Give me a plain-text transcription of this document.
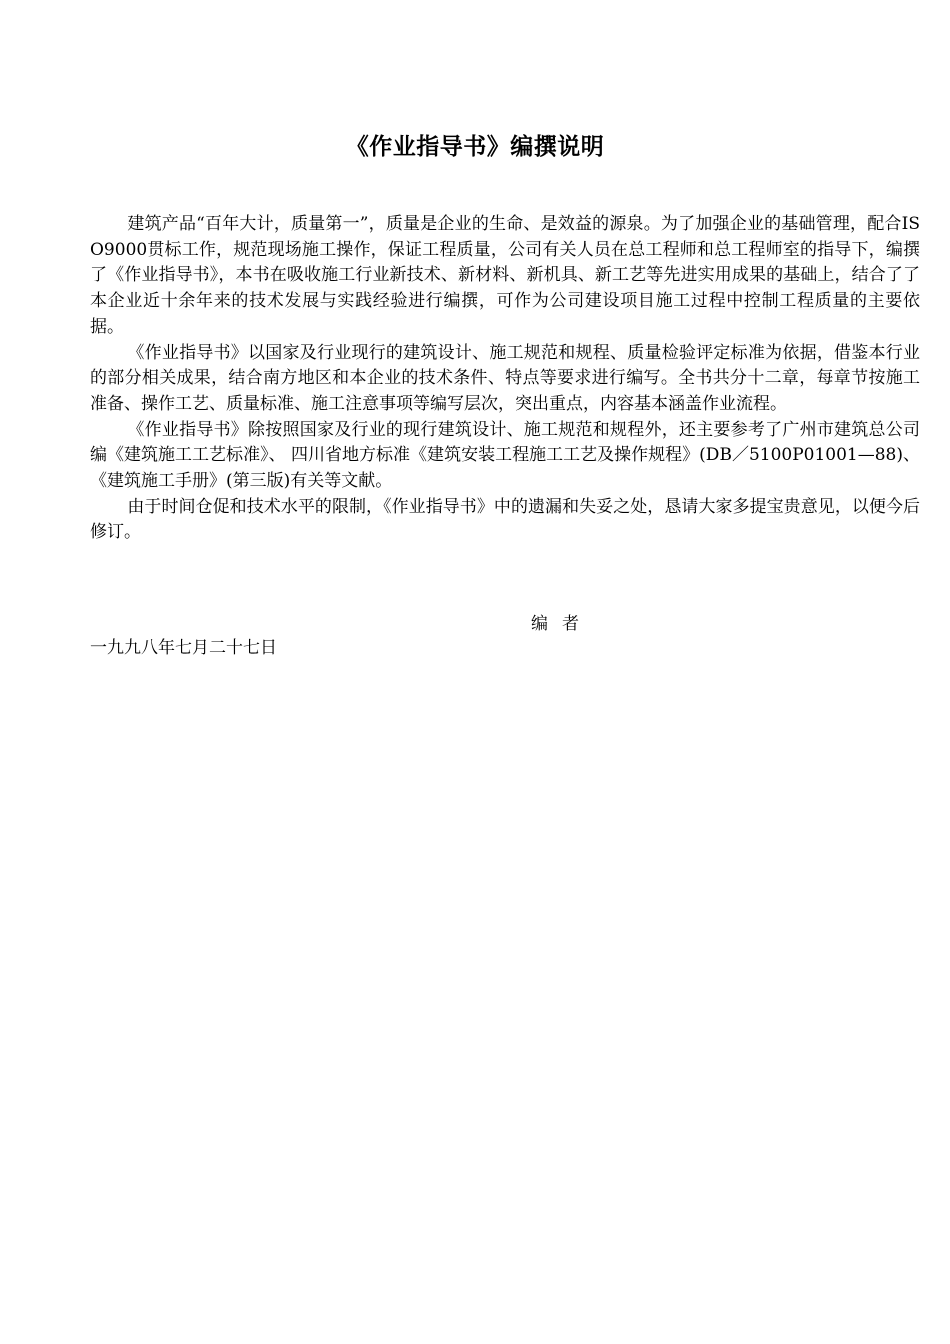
《作业指导书》编撰说明

建筑产品“百年大计，质量第一”，质量是企业的生命、是效益的源泉。为了加强企业的基础管理，配合ISO9000贯标工作，规范现场施工操作，保证工程质量，公司有关人员在总工程师和总工程师室的指导下，编撰了《作业指导书》，本书在吸收施工行业新技术、新材料、新机具、新工艺等先进实用成果的基础上，结合了了本企业近十余年来的技术发展与实践经验进行编撰，可作为公司建设项目施工过程中控制工程质量的主要依据。

《作业指导书》以国家及行业现行的建筑设计、施工规范和规程、质量检验评定标准为依据，借鉴本行业的部分相关成果，结合南方地区和本企业的技术条件、特点等要求进行编写。全书共分十二章，每章节按施工准备、操作工艺、质量标准、施工注意事项等编写层次，突出重点，内容基本涵盖作业流程。

《作业指导书》除按照国家及行业的现行建筑设计、施工规范和规程外，还主要参考了广州市建筑总公司编《建筑施工工艺标准》、 四川省地方标准《建筑安装工程施工工艺及操作规程》(DB／5100P01001—88)、《建筑施工手册》(第三版)有关等文献。

由于时间仓促和技术水平的限制，《作业指导书》中的遗漏和失妥之处，恳请大家多提宝贵意见，以便今后修订。

编者
一九九八年七月二十七日
